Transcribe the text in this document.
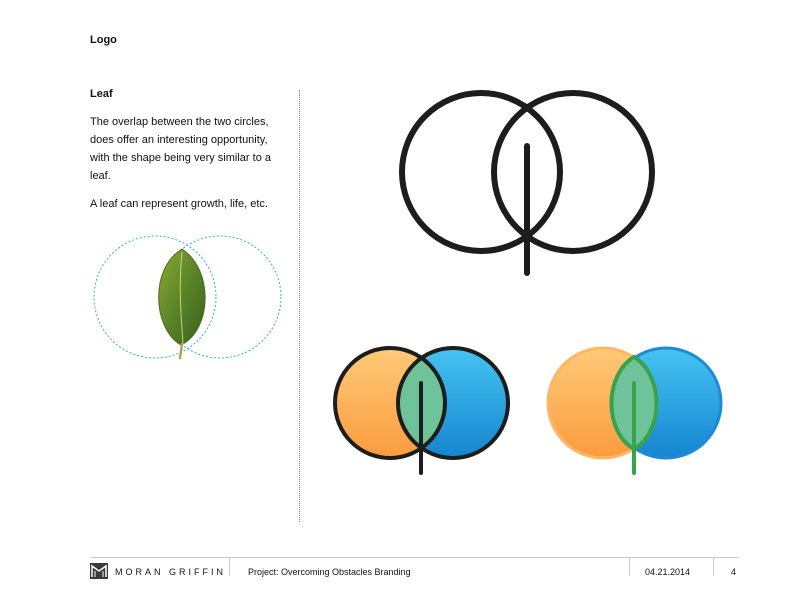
Logo
Leaf
The overlap between the two circles, does offer an interesting opportunity, with the shape being very similar to a leaf.
A leaf can represent growth, life, etc.
MORAN GRIFFIN Project: Overcoming Obstacles Branding	04.21.2014	4
